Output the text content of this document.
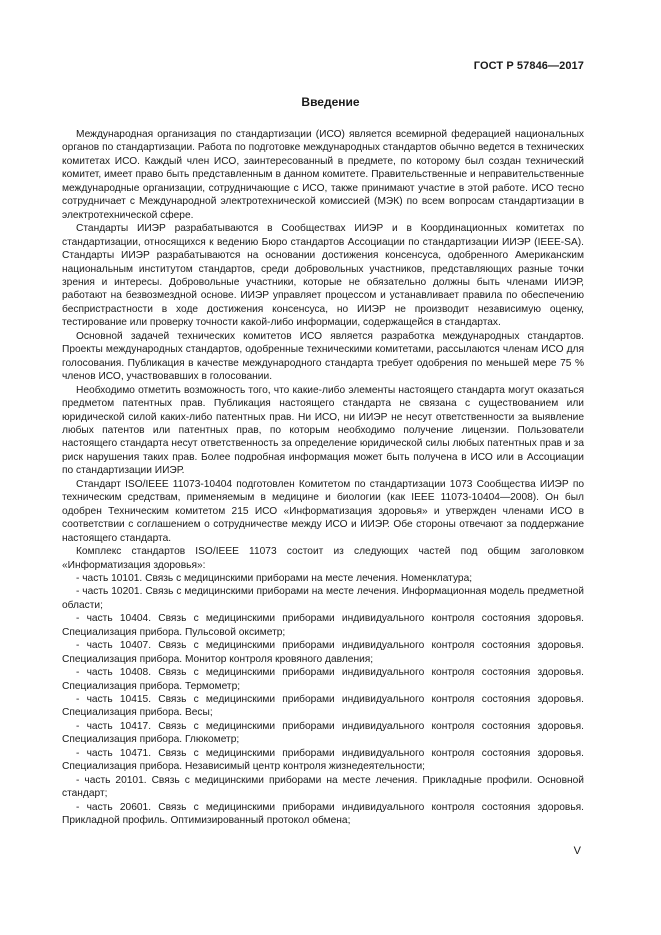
ГОСТ Р 57846—2017
Введение

Международная организация по стандартизации (ИСО) является всемирной федерацией национальных органов по стандартизации. Работа по подготовке международных стандартов обычно ведется в технических комитетах ИСО. Каждый член ИСО, заинтересованный в предмете, по которому был создан технический комитет, имеет право быть представленным в данном комитете. Правительственные и неправительственные международные организации, сотрудничающие с ИСО, также принимают участие в этой работе. ИСО тесно сотрудничает с Международной электротехнической комиссией (МЭК) по всем вопросам стандартизации в электротехнической сфере.

Стандарты ИИЭР разрабатываются в Сообществах ИИЭР и в Координационных комитетах по стандартизации, относящихся к ведению Бюро стандартов Ассоциации по стандартизации ИИЭР (IEEE-SA). Стандарты ИИЭР разрабатываются на основании достижения консенсуса, одобренного Американским национальным институтом стандартов, среди добровольных участников, представляющих разные точки зрения и интересы. Добровольные участники, которые не обязательно должны быть членами ИИЭР, работают на безвозмездной основе. ИИЭР управляет процессом и устанавливает правила по обеспечению беспристрастности в ходе достижения консенсуса, но ИИЭР не производит независимую оценку, тестирование или проверку точности какой-либо информации, содержащейся в стандартах.

Основной задачей технических комитетов ИСО является разработка международных стандартов. Проекты международных стандартов, одобренные техническими комитетами, рассылаются членам ИСО для голосования. Публикация в качестве международного стандарта требует одобрения по меньшей мере 75 % членов ИСО, участвовавших в голосовании.

Необходимо отметить возможность того, что какие-либо элементы настоящего стандарта могут оказаться предметом патентных прав. Публикация настоящего стандарта не связана с существованием или юридической силой каких-либо патентных прав. Ни ИСО, ни ИИЭР не несут ответственности за выявление любых патентов или патентных прав, по которым необходимо получение лицензии. Пользователи настоящего стандарта несут ответственность за определение юридической силы любых патентных прав и за риск нарушения таких прав. Более подробная информация может быть получена в ИСО или в Ассоциации по стандартизации ИИЭР.

Стандарт ISO/IEEE 11073-10404 подготовлен Комитетом по стандартизации 1073 Сообщества ИИЭР по техническим средствам, применяемым в медицине и биологии (как IEEE 11073-10404—2008). Он был одобрен Техническим комитетом 215 ИСО «Информатизация здоровья» и утвержден членами ИСО в соответствии с соглашением о сотрудничестве между ИСО и ИИЭР. Обе стороны отвечают за поддержание настоящего стандарта.

Комплекс стандартов ISO/IEEE 11073 состоит из следующих частей под общим заголовком «Информатизация здоровья»:

- часть 10101. Связь с медицинскими приборами на месте лечения. Номенклатура;

- часть 10201. Связь с медицинскими приборами на месте лечения. Информационная модель предметной области;

- часть 10404. Связь с медицинскими приборами индивидуального контроля состояния здоровья. Специализация прибора. Пульсовой оксиметр;

- часть 10407. Связь с медицинскими приборами индивидуального контроля состояния здоровья. Специализация прибора. Монитор контроля кровяного давления;

- часть 10408. Связь с медицинскими приборами индивидуального контроля состояния здоровья. Специализация прибора. Термометр;

- часть 10415. Связь с медицинскими приборами индивидуального контроля состояния здоровья. Специализация прибора. Весы;

- часть 10417. Связь с медицинскими приборами индивидуального контроля состояния здоровья. Специализация прибора. Глюкометр;

- часть 10471. Связь с медицинскими приборами индивидуального контроля состояния здоровья. Специализация прибора. Независимый центр контроля жизнедеятельности;

- часть 20101. Связь с медицинскими приборами на месте лечения. Прикладные профили. Основной стандарт;

- часть 20601. Связь с медицинскими приборами индивидуального контроля состояния здоровья. Прикладной профиль. Оптимизированный протокол обмена;

V
